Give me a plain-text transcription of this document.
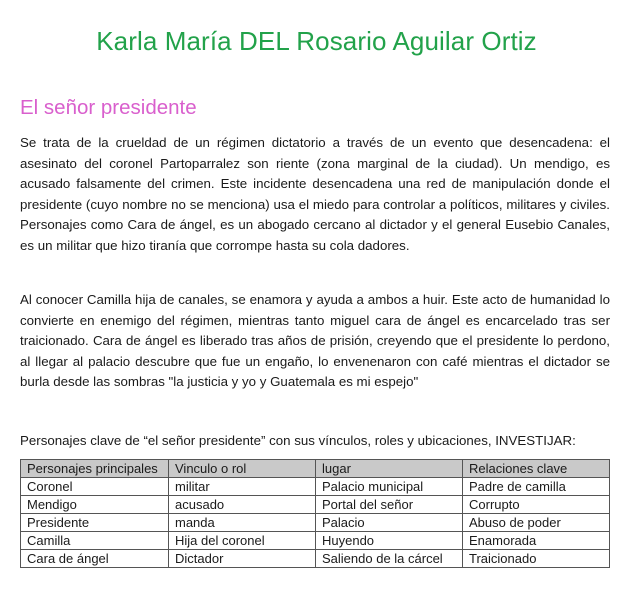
Karla María DEL Rosario Aguilar Ortiz
El señor presidente

Se trata de la crueldad de un régimen dictatorio a través de un evento que desencadena: el asesinato del coronel Partoparralez son riente (zona marginal de la ciudad). Un mendigo, es acusado falsamente del crimen. Este incidente desencadena una red de manipulación donde el presidente (cuyo nombre no se menciona) usa el miedo para controlar a políticos, militares y civiles. Personajes como Cara de ángel, es un abogado cercano al dictador y el general Eusebio Canales, es un militar que hizo tiranía que corrompe hasta su cola dadores.

Al conocer Camilla hija de canales, se enamora y ayuda a ambos a huir. Este acto de humanidad lo convierte en enemigo del régimen, mientras tanto miguel cara de ángel es encarcelado tras ser traicionado. Cara de ángel es liberado tras años de prisión, creyendo que el presidente lo perdono, al llegar al palacio descubre que fue un engaño, lo envenenaron con café mientras el dictador se burla desde las sombras "la justicia y yo y Guatemala es mi espejo"

Personajes clave de “el señor presidente” con sus vínculos, roles y ubicaciones, INVESTIJAR:

Personajes principales	Vinculo o rol	lugar	Relaciones clave
Coronel	militar	Palacio municipal	Padre de camilla
Mendigo	acusado	Portal del señor	Corrupto
Presidente	manda	Palacio	Abuso de poder
Camilla	Hija del coronel	Huyendo	Enamorada
Cara de ángel	Dictador	Saliendo de la cárcel	Traicionado
